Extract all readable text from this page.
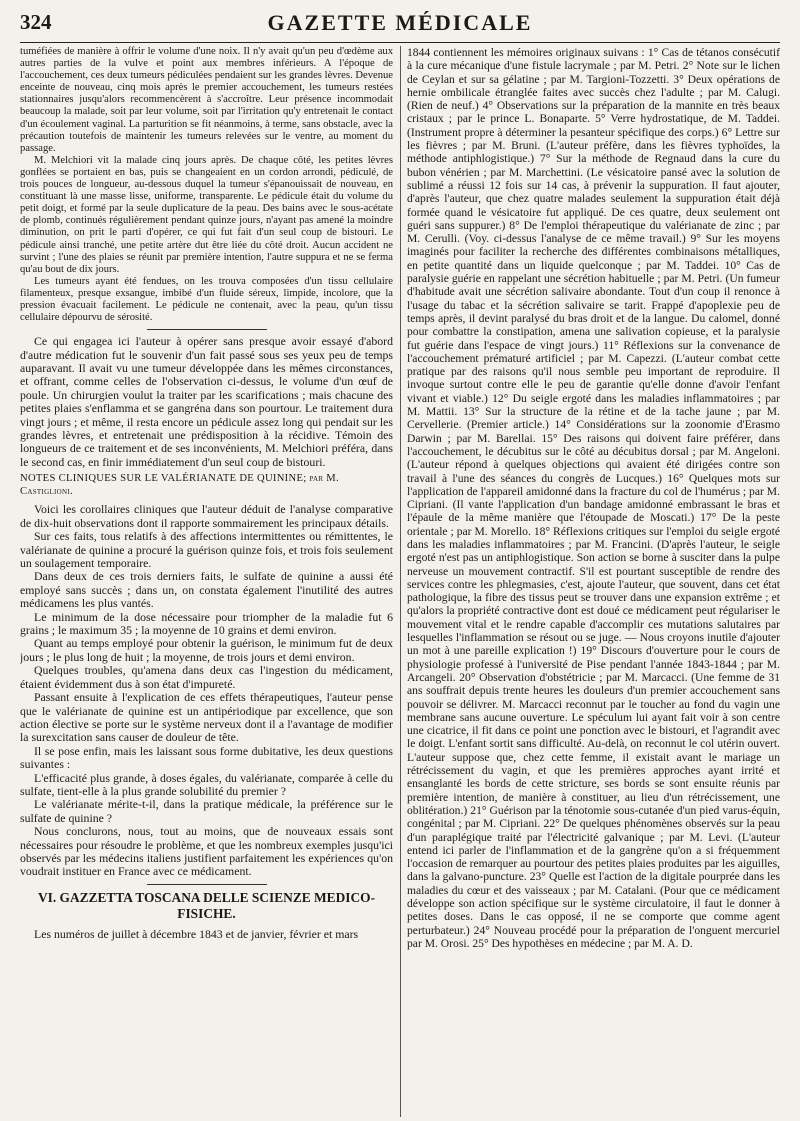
324	GAZETTE MÉDICALE

tuméfiées de manière à offrir le volume d'une noix. Il n'y avait qu'un peu d'œdème aux autres parties de la vulve et point aux membres inférieurs. A l'époque de l'accouchement, ces deux tumeurs pédiculées pendaient sur les grandes lèvres. Devenue enceinte de nouveau, cinq mois après le premier accouchement, les tumeurs restées stationnaires jusqu'alors recommencèrent à s'accroître. Leur présence incommodait beaucoup la malade, soit par leur volume, soit par l'irritation qu'y entretenait le contact d'un écoulement vaginal. La parturition se fit néanmoins, à terme, sans obstacle, avec la précaution toutefois de maintenir les tumeurs relevées sur le ventre, au moment du passage.

M. Melchiori vit la malade cinq jours après. De chaque côté, les petites lèvres gonflées se portaient en bas, puis se changeaient en un cordon arrondi, pédiculé, de trois pouces de longueur, au-dessous duquel la tumeur s'épanouissait de nouveau, en constituant là une masse lisse, uniforme, transparente. Le pédicule était du volume du petit doigt, et formé par la seule duplicature de la peau. Des bains avec le sous-acétate de plomb, continués régulièrement pendant quinze jours, n'ayant pas amené la moindre diminution, on prit le parti d'opérer, ce qui fut fait d'un seul coup de bistouri. Le pédicule ainsi tranché, une petite artère dut être liée du côté droit. Aucun accident ne survint ; l'une des plaies se réunit par première intention, l'autre suppura et ne se ferma qu'au bout de dix jours.

Les tumeurs ayant été fendues, on les trouva composées d'un tissu cellulaire filamenteux, presque exsangue, imbibé d'un fluide séreux, limpide, incolore, que la pression évacuait facilement. Le pédicule ne contenait, avec la peau, qu'un tissu cellulaire dépourvu de sérosité.

Ce qui engagea ici l'auteur à opérer sans presque avoir essayé d'abord d'autre médication fut le souvenir d'un fait passé sous ses yeux peu de temps auparavant. Il avait vu une tumeur développée dans les mêmes circonstances, et offrant, comme celles de l'observation ci-dessus, le volume d'un œuf de poule. Un chirurgien voulut la traiter par les scarifications ; mais chacune des petites plaies s'enflamma et se gangréna dans son pourtour. Le traitement dura vingt jours ; et même, il resta encore un pédicule assez long qui pendait sur les grandes lèvres, et entretenait une prédisposition à la récidive. Témoin des longueurs de ce traitement et de ses inconvénients, M. Melchiori préféra, dans le second cas, en finir immédiatement d'un seul coup de bistouri.

NOTES CLINIQUES SUR LE VALÉRIANATE DE QUININE; par M. Castiglioni.

Voici les corollaires cliniques que l'auteur déduit de l'analyse comparative de dix-huit observations dont il rapporte sommairement les principaux détails.

Sur ces faits, tous relatifs à des affections intermittentes ou rémittentes, le valérianate de quinine a procuré la guérison quinze fois, et trois fois seulement un soulagement temporaire.

Dans deux de ces trois derniers faits, le sulfate de quinine a aussi été employé sans succès ; dans un, on constata également l'inutilité des autres médicamens les plus vantés.

Le minimum de la dose nécessaire pour triompher de la maladie fut 6 grains ; le maximum 35 ; la moyenne de 10 grains et demi environ.

Quant au temps employé pour obtenir la guérison, le minimum fut de deux jours ; le plus long de huit ; la moyenne, de trois jours et demi environ.

Quelques troubles, qu'amena dans deux cas l'ingestion du médicament, étaient évidemment dus à son état d'impureté.

Passant ensuite à l'explication de ces effets thérapeutiques, l'auteur pense que le valérianate de quinine est un antipériodique par excellence, que son action élective se porte sur le système nerveux dont il a l'avantage de modifier la surexcitation sans causer de douleur de tête.

Il se pose enfin, mais les laissant sous forme dubitative, les deux questions suivantes :

L'efficacité plus grande, à doses égales, du valérianate, comparée à celle du sulfate, tient-elle à la plus grande solubilité du premier ?

Le valérianate mérite-t-il, dans la pratique médicale, la préférence sur le sulfate de quinine ?

Nous conclurons, nous, tout au moins, que de nouveaux essais sont nécessaires pour résoudre le problème, et que les nombreux exemples jusqu'ici observés par les médecins italiens justifient parfaitement les expériences qu'on voudrait instituer en France avec ce médicament.

VI. GAZZETTA TOSCANA DELLE SCIENZE MEDICO-FISICHE.

Les numéros de juillet à décembre 1843 et de janvier, février et mars

1844 contiennent les mémoires originaux suivans : 1° Cas de tétanos consécutif à la cure mécanique d'une fistule lacrymale ; par M. Petri. 2° Note sur le lichen de Ceylan et sur sa gélatine ; par M. Targioni-Tozzetti. 3° Deux opérations de hernie ombilicale étranglée faites avec succès chez l'adulte ; par M. Calugi. (Rien de neuf.) 4° Observations sur la préparation de la mannite en très beaux cristaux ; par le prince L. Bonaparte. 5° Verre hydrostatique, de M. Taddei. (Instrument propre à déterminer la pesanteur spécifique des corps.) 6° Lettre sur les fièvres ; par M. Bruni. (L'auteur préfère, dans les fièvres typhoïdes, la méthode antiphlogistique.) 7° Sur la méthode de Regnaud dans la cure du bubon vénérien ; par M. Marchettini. (Le vésicatoire pansé avec la solution de sublimé a réussi 12 fois sur 14 cas, à prévenir la suppuration. Il faut ajouter, d'après l'auteur, que chez quatre malades seulement la suppuration était déjà formée quand le vésicatoire fut appliqué. De ces quatre, deux seulement ont guéri sans suppurer.) 8° De l'emploi thérapeutique du valérianate de zinc ; par M. Cerulli. (Voy. ci-dessus l'analyse de ce même travail.) 9° Sur les moyens imaginés pour faciliter la recherche des différentes combinaisons métalliques, en petite quantité dans un liquide quelconque ; par M. Taddei. 10° Cas de paralysie guérie en rappelant une sécrétion habituelle ; par M. Petri. (Un fumeur d'habitude avait une sécrétion salivaire abondante. Tout d'un coup il renonce à l'usage du tabac et la sécrétion salivaire se tarit. Frappé d'apoplexie peu de temps après, il devint paralysé du bras droit et de la langue. Du calomel, donné pour combattre la constipation, amena une salivation copieuse, et la paralysie fut guérie dans l'espace de vingt jours.) 11° Réflexions sur la convenance de l'accouchement prématuré artificiel ; par M. Capezzi. (L'auteur combat cette pratique par des raisons qu'il nous semble peu important de reproduire. Il invoque surtout contre elle le peu de garantie qu'elle donne d'avoir l'enfant vivant et viable.) 12° Du seigle ergoté dans les maladies inflammatoires ; par M. Mattii. 13° Sur la structure de la rétine et de la tache jaune ; par M. Cervellerie. (Premier article.) 14° Considérations sur la zoonomie d'Erasmo Darwin ; par M. Barellai. 15° Des raisons qui doivent faire préférer, dans l'accouchement, le décubitus sur le côté au décubitus dorsal ; par M. Angeloni. (L'auteur répond à quelques objections qui avaient été dirigées contre son travail à l'une des séances du congrès de Lucques.) 16° Quelques mots sur l'application de l'appareil amidonné dans la fracture du col de l'humérus ; par M. Cipriani. (Il vante l'application d'un bandage amidonné embrassant le bras et l'épaule de la même manière que l'étoupade de Moscati.) 17° De la peste orientale ; par M. Morello. 18° Réflexions critiques sur l'emploi du seigle ergoté dans les maladies inflammatoires ; par M. Francini. (D'après l'auteur, le seigle ergoté n'est pas un antiphlogistique. Son action se borne à susciter dans la pulpe nerveuse un mouvement contractif. S'il est pourtant susceptible de rendre des services contre les phlegmasies, c'est, ajoute l'auteur, que souvent, dans cet état pathologique, la fibre des tissus peut se trouver dans une expansion extrême ; et qu'alors la propriété contractive dont est doué ce médicament peut régulariser le mouvement vital et le rendre capable d'accomplir ces mutations salutaires par lesquelles l'inflammation se résout ou se juge. — Nous croyons inutile d'ajouter un mot à une pareille explication !) 19° Discours d'ouverture pour le cours de physiologie professé à l'université de Pise pendant l'année 1843-1844 ; par M. Arcangeli. 20° Observation d'obstétricie ; par M. Marcacci. (Une femme de 31 ans souffrait depuis trente heures les douleurs d'un premier accouchement sans pouvoir se délivrer. M. Marcacci reconnut par le toucher au fond du vagin une membrane sans aucune ouverture. Le spéculum lui ayant fait voir à son centre une cicatrice, il fit dans ce point une ponction avec le bistouri, et l'agrandit avec le doigt. L'enfant sortit sans difficulté. Au-delà, on reconnut le col utérin ouvert. L'auteur suppose que, chez cette femme, il existait avant le mariage un rétrécissement du vagin, et que les premières approches ayant irrité et ensanglanté les bords de cette stricture, ses bords se sont ensuite réunis par première intention, de manière à constituer, au lieu d'un rétrécissement, une oblitération.) 21° Guérison par la ténotomie sous-cutanée d'un pied varus-équin, congénital ; par M. Cipriani. 22° De quelques phénomènes observés sur la peau d'un paraplégique traité par l'électricité galvanique ; par M. Levi. (L'auteur entend ici parler de l'inflammation et de la gangrène qu'on a si fréquemment l'occasion de remarquer au pourtour des petites plaies produites par les aiguilles, dans la galvano-puncture. 23° Quelle est l'action de la digitale pourprée dans les maladies du cœur et des vaisseaux ; par M. Catalani. (Pour que ce médicament développe son action spécifique sur le système circulatoire, il faut le donner à petites doses. Dans le cas opposé, il ne se comporte que comme agent perturbateur.) 24° Nouveau procédé pour la préparation de l'onguent mercuriel par M. Orosi. 25° Des hypothèses en médecine ; par M. A. D.
